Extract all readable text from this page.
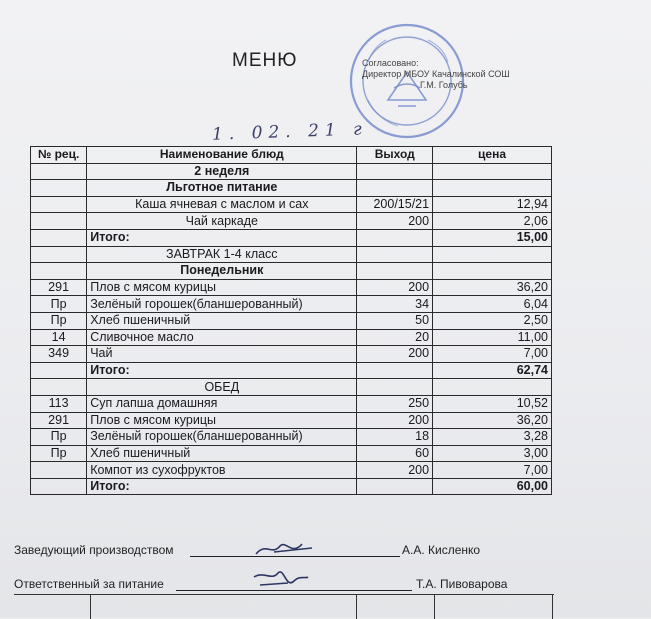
МЕНЮ	Согласовано:
Директор МБОУ Качалинской СОШ
Г.М. Голубь
1. 02. 21 г
№ рец.	Наименование блюд	Выход	цена
	2 неделя		
	Льготное питание		
	Каша ячневая с маслом и сах	200/15/21	12,94
	Чай каркаде	200	2,06
	Итого:		15,00
	ЗАВТРАК 1-4 класс		
	Понедельник		
291	Плов с мясом курицы	200	36,20
Пр	Зелёный горошек(бланшерованный)	34	6,04
Пр	Хлеб пшеничный	50	2,50
14	Сливочное масло	20	11,00
349	Чай	200	7,00
	Итого:		62,74
	ОБЕД		
113	Суп лапша домашняя	250	10,52
291	Плов с мясом курицы	200	36,20
Пр	Зелёный горошек(бланшерованный)	18	3,28
Пр	Хлеб пшеничный	60	3,00
	Компот из сухофруктов	200	7,00
	Итого:		60,00
Заведующий производством	А.А. Кисленко
Ответственный за питание	Т.А. Пивоварова
